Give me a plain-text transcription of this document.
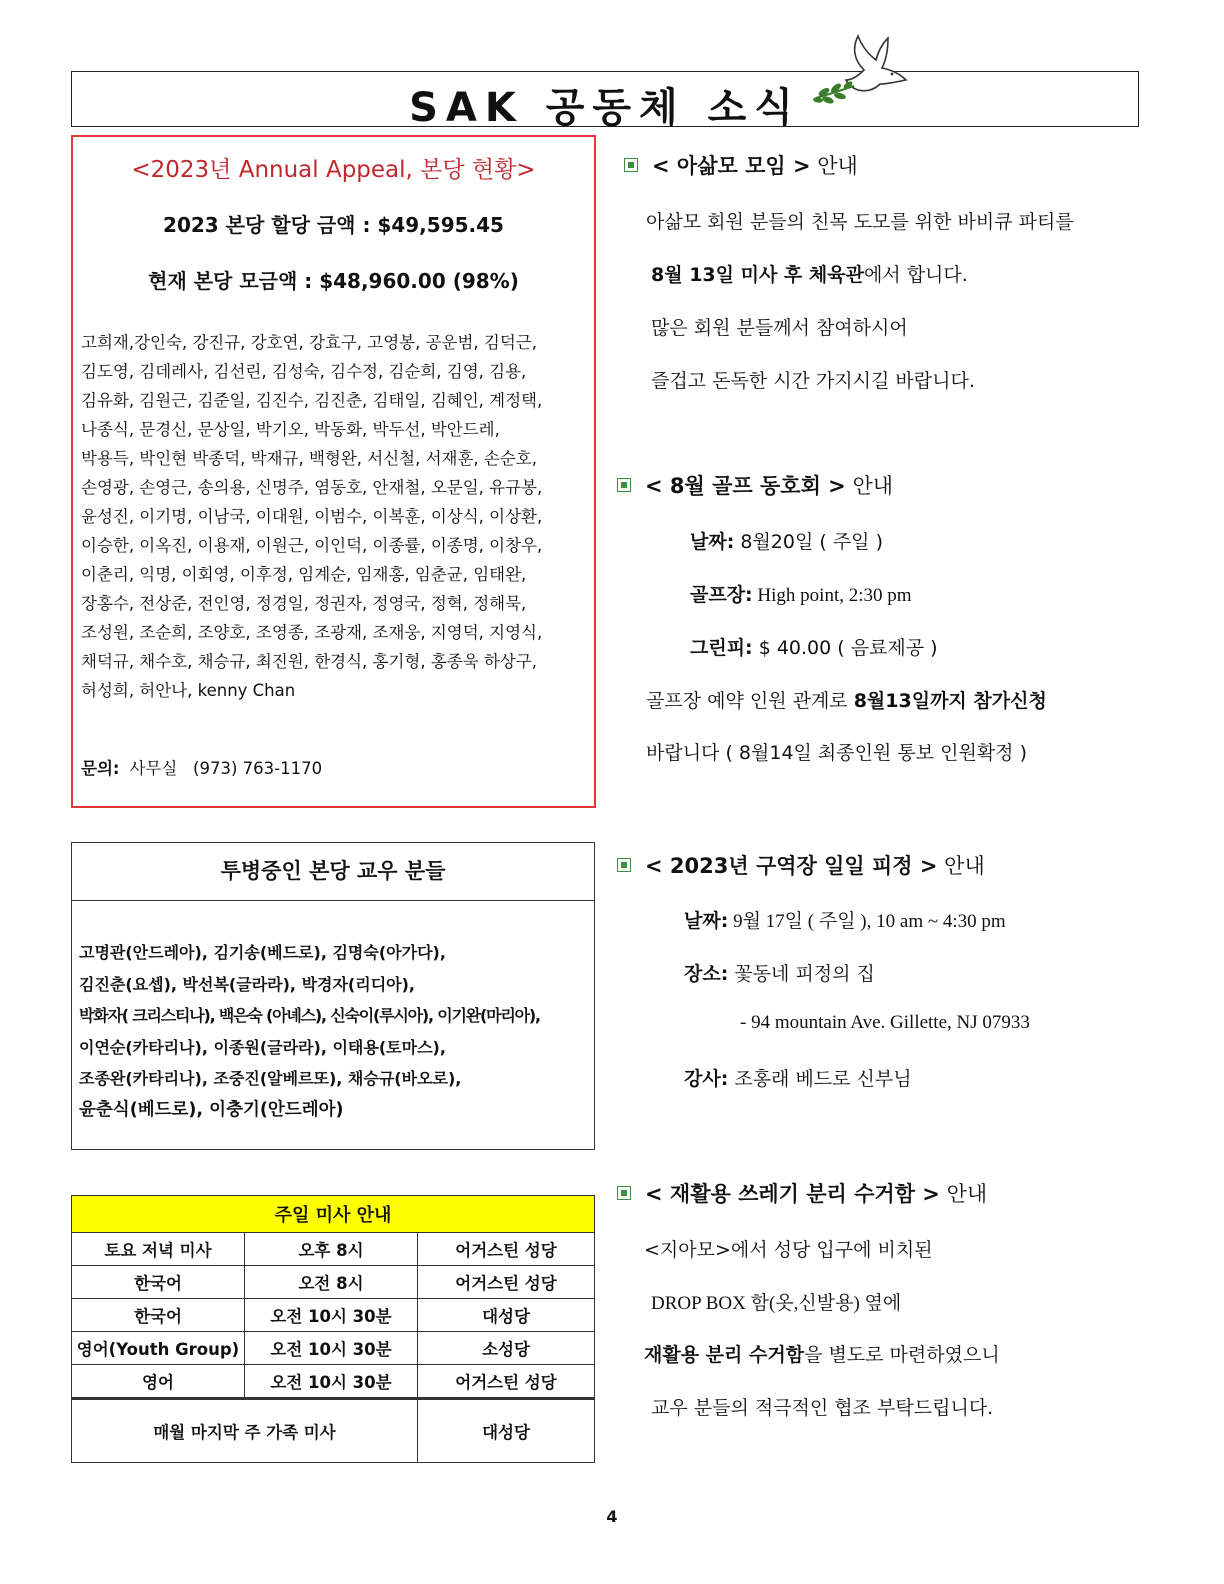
SAK 공동체 소식
<2023년 Annual Appeal, 본당 현황>
2023 본당 할당 금액 : $49,595.45
현재 본당 모금액 : $48,960.00 (98%)
고희재,강인숙, 강진규, 강호연, 강효구, 고영봉, 공운범, 김덕근,
김도영, 김데레사, 김선린, 김성숙, 김수정, 김순희, 김영, 김용,
김유화, 김원근, 김준일, 김진수, 김진춘, 김태일, 김혜인, 계정택,
나종식, 문경신, 문상일, 박기오, 박동화, 박두선, 박안드레,
박용득, 박인현 박종덕, 박재규, 백형완, 서신철, 서재훈, 손순호,
손영광, 손영근, 송의용, 신명주, 염동호, 안재철, 오문일, 유규봉,
윤성진, 이기명, 이남국, 이대원, 이범수, 이복훈, 이상식, 이상환,
이승한, 이옥진, 이용재, 이원근, 이인덕, 이종률, 이종명, 이창우,
이춘리, 익명, 이회영, 이후정, 임계순, 임재홍, 임춘균, 임태완,
장홍수, 전상준, 전인영, 정경일, 정권자, 정영국, 정혁, 정해묵,
조성원, 조순희, 조양호, 조영종, 조광재, 조재웅, 지영덕, 지영식,
채덕규, 채수호, 채승규, 최진원, 한경식, 홍기형, 홍종욱 하상구,
허성희, 허안나, kenny Chan
문의: 사무실   (973) 763-1170
투병중인 본당 교우 분들
고명관(안드레아), 김기송(베드로), 김명숙(아가다),
김진춘(요셉), 박선복(글라라), 박경자(리디아),
박화자( 크리스티나), 백은숙 (아녜스), 신숙이(루시아), 이기완(마리아),
이연순(카타리나), 이종원(글라라), 이태용(토마스),
조종완(카타리나), 조중진(알베르또), 채승규(바오로),
윤춘식(베드로), 이충기(안드레아)
주일 미사 안내		
토요 저녁 미사	오후 8시	어거스틴 성당
한국어	오전 8시	어거스틴 성당
한국어	오전 10시 30분	대성당
영어(Youth Group)	오전 10시 30분	소성당
영어	오전 10시 30분	어거스틴 성당
매월 마지막 주 가족 미사		대성당
< 아삶모 모임 > 안내
아삶모 회원 분들의 친목 도모를 위한 바비큐 파티를
8월 13일 미사 후 체육관에서 합니다.
많은 회원 분들께서 참여하시어
즐겁고 돈독한 시간 가지시길 바랍니다.
< 8월 골프 동호회 > 안내
날짜: 8월20일 ( 주일 )
골프장: High point, 2:30 pm
그린피: $ 40.00 ( 음료제공 )
골프장 예약 인원 관계로 8월13일까지 참가신청
바랍니다 ( 8월14일 최종인원 통보 인원확정 )
< 2023년 구역장 일일 피정 > 안내
날짜: 9월 17일 ( 주일 ), 10 am ~ 4:30 pm
장소: 꽃동네 피정의 집
- 94 mountain Ave. Gillette, NJ 07933
강사: 조홍래 베드로 신부님
< 재활용 쓰레기 분리 수거함 > 안내
<지아모>에서 성당 입구에 비치된
DROP BOX 함(옷,신발용) 옆에
재활용 분리 수거함을 별도로 마련하였으니
교우 분들의 적극적인 협조 부탁드립니다.
4
